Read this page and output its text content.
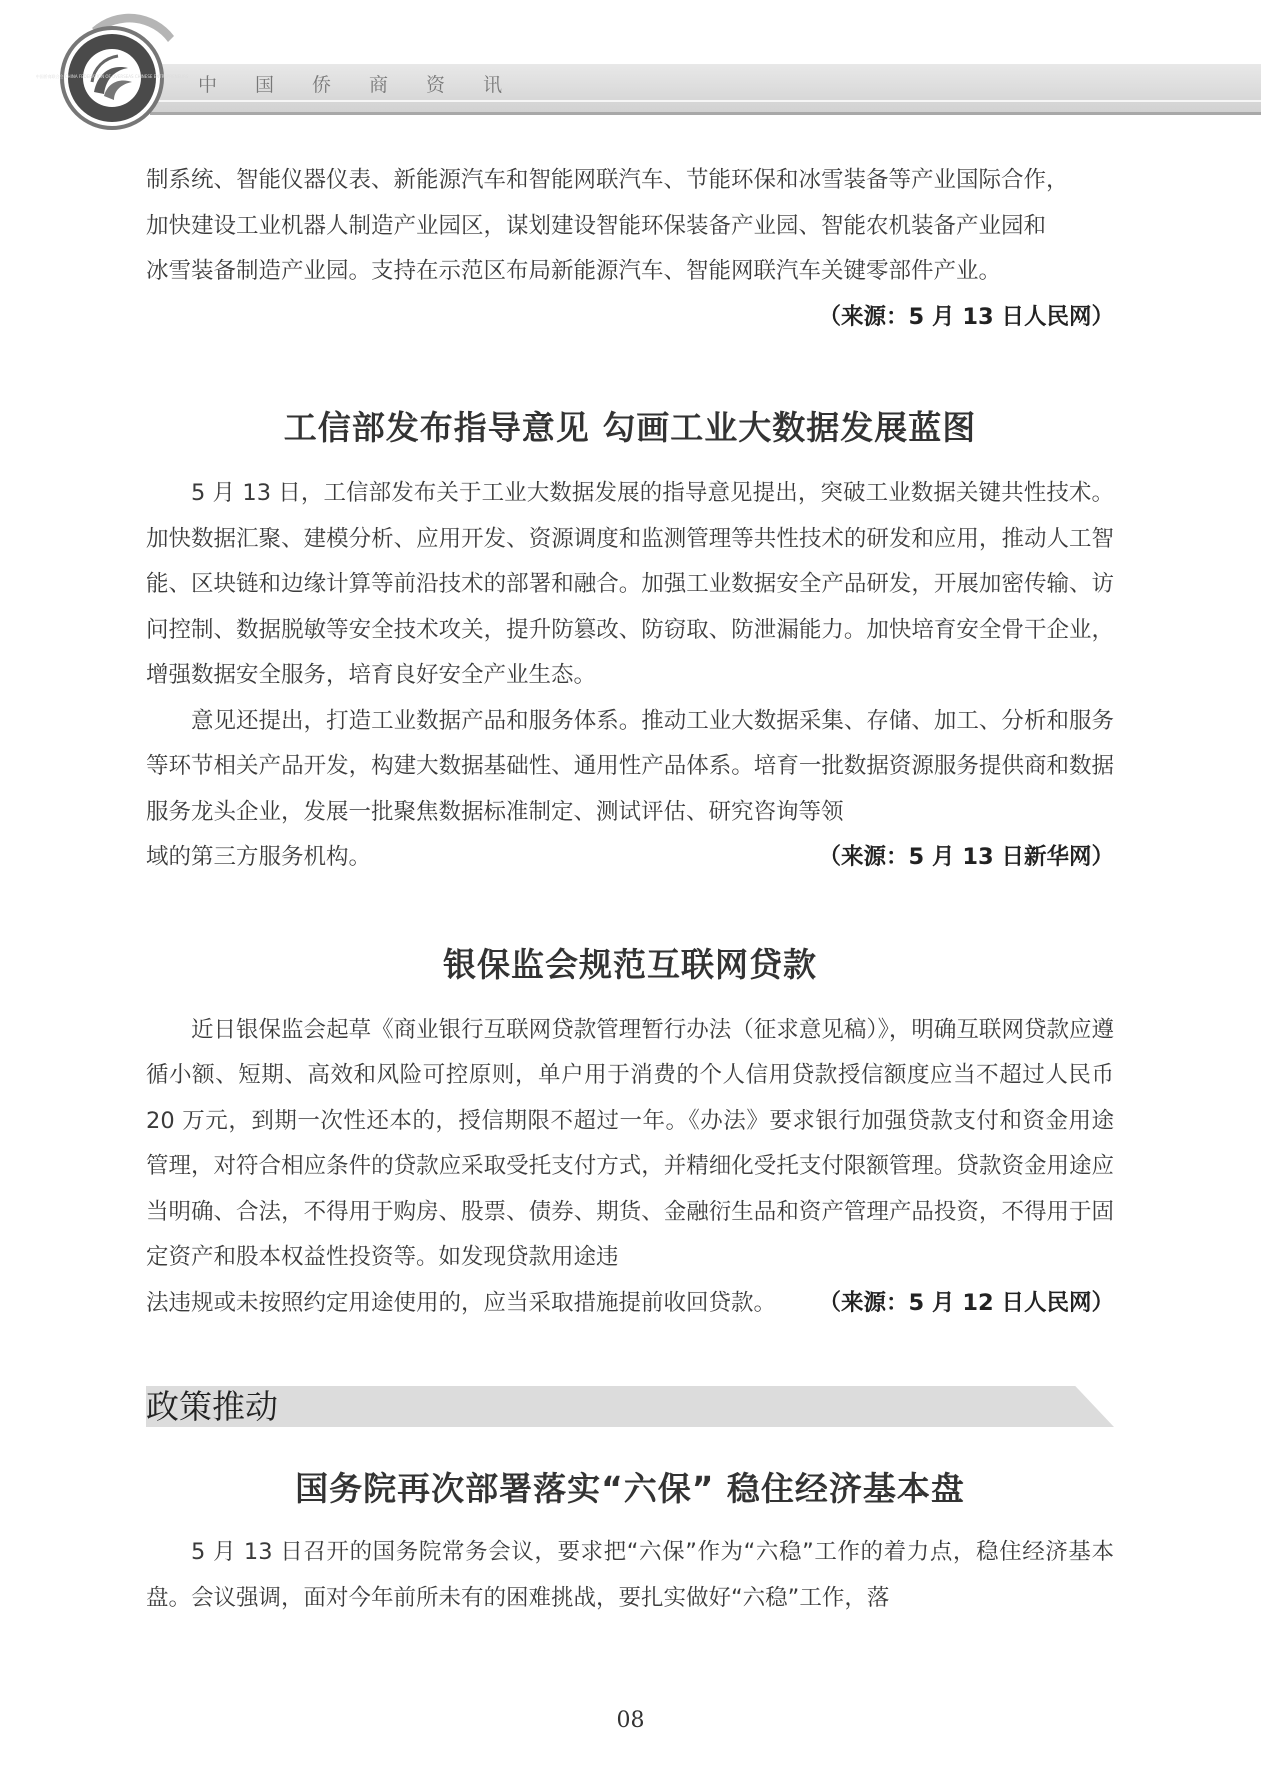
中国侨商资讯
中国侨商联合会 CHINA FEDERATION OF OVERSEAS CHINESE ENTREPRENEURS

制系统、智能仪器仪表、新能源汽车和智能网联汽车、节能环保和冰雪装备等产业国际合作，

加快建设工业机器人制造产业园区，谋划建设智能环保装备产业园、智能农机装备产业园和

冰雪装备制造产业园。支持在示范区布局新能源汽车、智能网联汽车关键零部件产业。

（来源：5 月 13 日人民网）
工信部发布指导意见 勾画工业大数据发展蓝图

5 月 13 日，工信部发布关于工业大数据发展的指导意见提出，突破工业数据关键共性技术。加快数据汇聚、建模分析、应用开发、资源调度和监测管理等共性技术的研发和应用，推动人工智能、区块链和边缘计算等前沿技术的部署和融合。加强工业数据安全产品研发，开展加密传输、访问控制、数据脱敏等安全技术攻关，提升防篡改、防窃取、防泄漏能力。加快培育安全骨干企业，增强数据安全服务，培育良好安全产业生态。

意见还提出，打造工业数据产品和服务体系。推动工业大数据采集、存储、加工、分析和服务等环节相关产品开发，构建大数据基础性、通用性产品体系。培育一批数据资源服务提供商和数据服务龙头企业，发展一批聚焦数据标准制定、测试评估、研究咨询等领

域的第三方服务机构。	（来源：5 月 13 日新华网）
银保监会规范互联网贷款

近日银保监会起草《商业银行互联网贷款管理暂行办法（征求意见稿）》，明确互联网贷款应遵循小额、短期、高效和风险可控原则，单户用于消费的个人信用贷款授信额度应当不超过人民币 20 万元，到期一次性还本的，授信期限不超过一年。《办法》要求银行加强贷款支付和资金用途管理，对符合相应条件的贷款应采取受托支付方式，并精细化受托支付限额管理。贷款资金用途应当明确、合法，不得用于购房、股票、债券、期货、金融衍生品和资产管理产品投资，不得用于固定资产和股本权益性投资等。如发现贷款用途违

法违规或未按照约定用途使用的，应当采取措施提前收回贷款。 （来源：5 月 12 日人民网）
政策推动
国务院再次部署落实“六保” 稳住经济基本盘

5 月 13 日召开的国务院常务会议，要求把“六保”作为“六稳”工作的着力点，稳住经济基本盘。会议强调，面对今年前所未有的困难挑战，要扎实做好“六稳”工作，落

08
